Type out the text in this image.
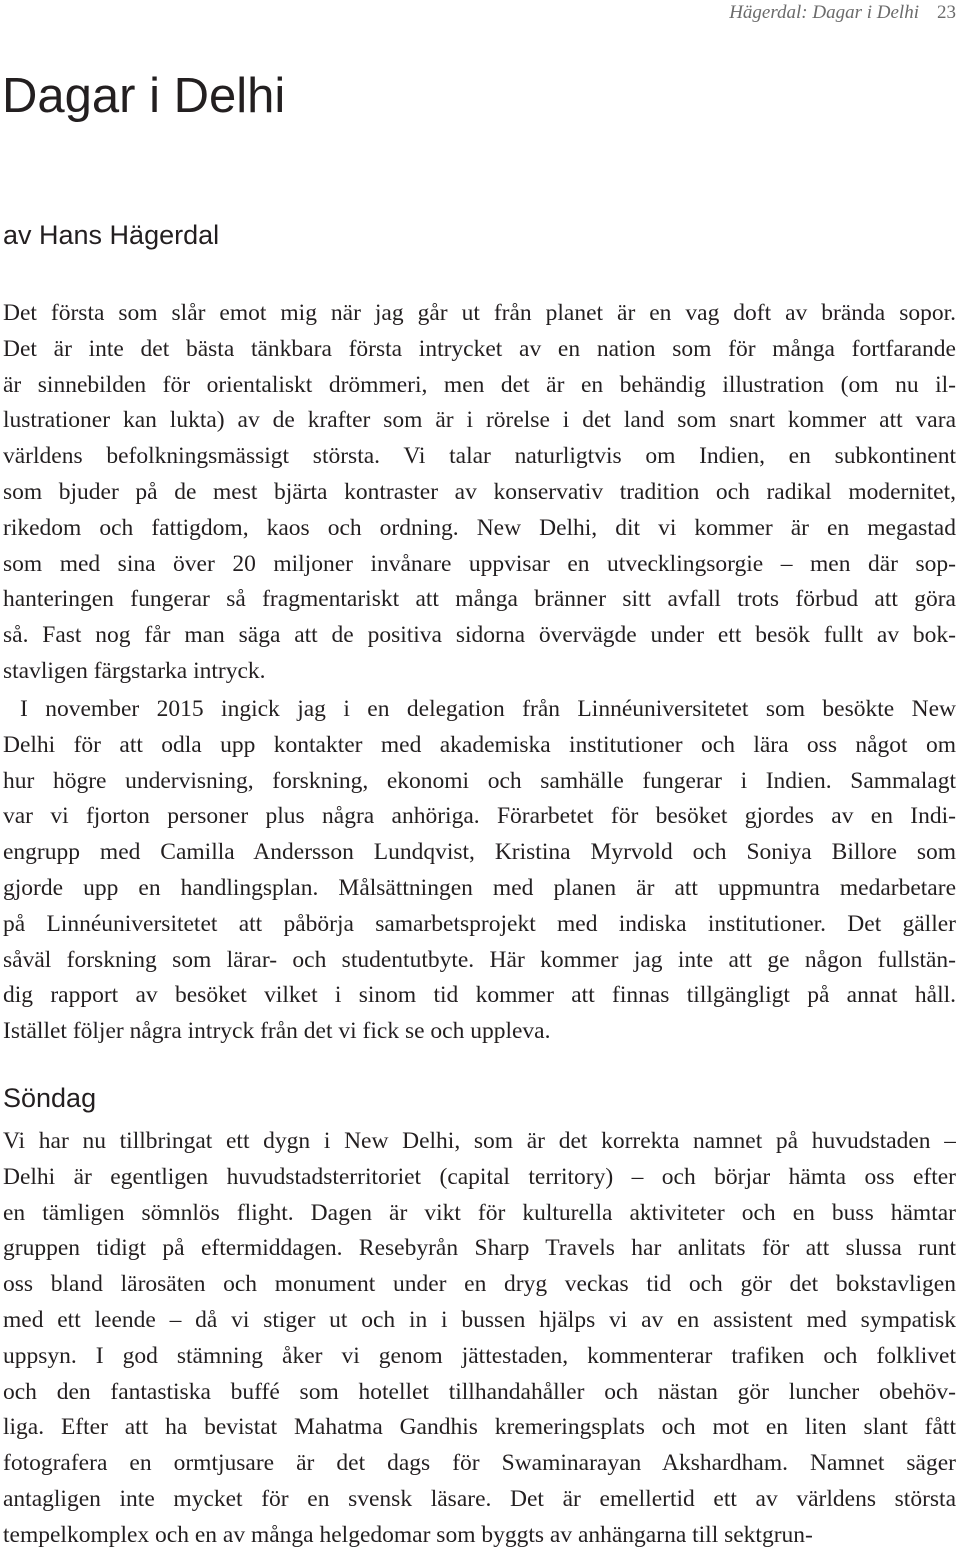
Hägerdal: Dagar i Delhi 23
Dagar i Delhi
av Hans Hägerdal
Det första som slår emot mig när jag går ut från planet är en vag doft av brända sopor.
Det är inte det bästa tänkbara första intrycket av en nation som för många fortfarande
är sinnebilden för orientaliskt drömmeri, men det är en behändig illustration (om nu il-
lustrationer kan lukta) av de krafter som är i rörelse i det land som snart kommer att vara
världens befolkningsmässigt största. Vi talar naturligtvis om Indien, en subkontinent
som bjuder på de mest bjärta kontraster av konservativ tradition och radikal modernitet,
rikedom och fattigdom, kaos och ordning. New Delhi, dit vi kommer är en megastad
som med sina över 20 miljoner invånare uppvisar en utvecklingsorgie – men där sop-
hanteringen fungerar så fragmentariskt att många bränner sitt avfall trots förbud att göra
så. Fast nog får man säga att de positiva sidorna övervägde under ett besök fullt av bok-
stavligen färgstarka intryck.
I november 2015 ingick jag i en delegation från Linnéuniversitetet som besökte New
Delhi för att odla upp kontakter med akademiska institutioner och lära oss något om
hur högre undervisning, forskning, ekonomi och samhälle fungerar i Indien. Sammalagt
var vi fjorton personer plus några anhöriga. Förarbetet för besöket gjordes av en Indi-
engrupp med Camilla Andersson Lundqvist, Kristina Myrvold och Soniya Billore som
gjorde upp en handlingsplan. Målsättningen med planen är att uppmuntra medarbetare
på Linnéuniversitetet att påbörja samarbetsprojekt med indiska institutioner. Det gäller
såväl forskning som lärar- och studentutbyte. Här kommer jag inte att ge någon fullstän-
dig rapport av besöket vilket i sinom tid kommer att finnas tillgängligt på annat håll.
Istället följer några intryck från det vi fick se och uppleva.
Söndag
Vi har nu tillbringat ett dygn i New Delhi, som är det korrekta namnet på huvudstaden –
Delhi är egentligen huvudstadsterritoriet (capital territory) – och börjar hämta oss efter
en tämligen sömnlös flight. Dagen är vikt för kulturella aktiviteter och en buss hämtar
gruppen tidigt på eftermiddagen. Resebyrån Sharp Travels har anlitats för att slussa runt
oss bland lärosäten och monument under en dryg veckas tid och gör det bokstavligen
med ett leende – då vi stiger ut och in i bussen hjälps vi av en assistent med sympatisk
uppsyn. I god stämning åker vi genom jättestaden, kommenterar trafiken och folklivet
och den fantastiska buffé som hotellet tillhandahåller och nästan gör luncher obehöv-
liga. Efter att ha bevistat Mahatma Gandhis kremeringsplats och mot en liten slant fått
fotografera en ormtjusare är det dags för Swaminarayan Akshardham. Namnet säger
antagligen inte mycket för en svensk läsare. Det är emellertid ett av världens största
tempelkomplex och en av många helgedomar som byggts av anhängarna till sektgrun-
